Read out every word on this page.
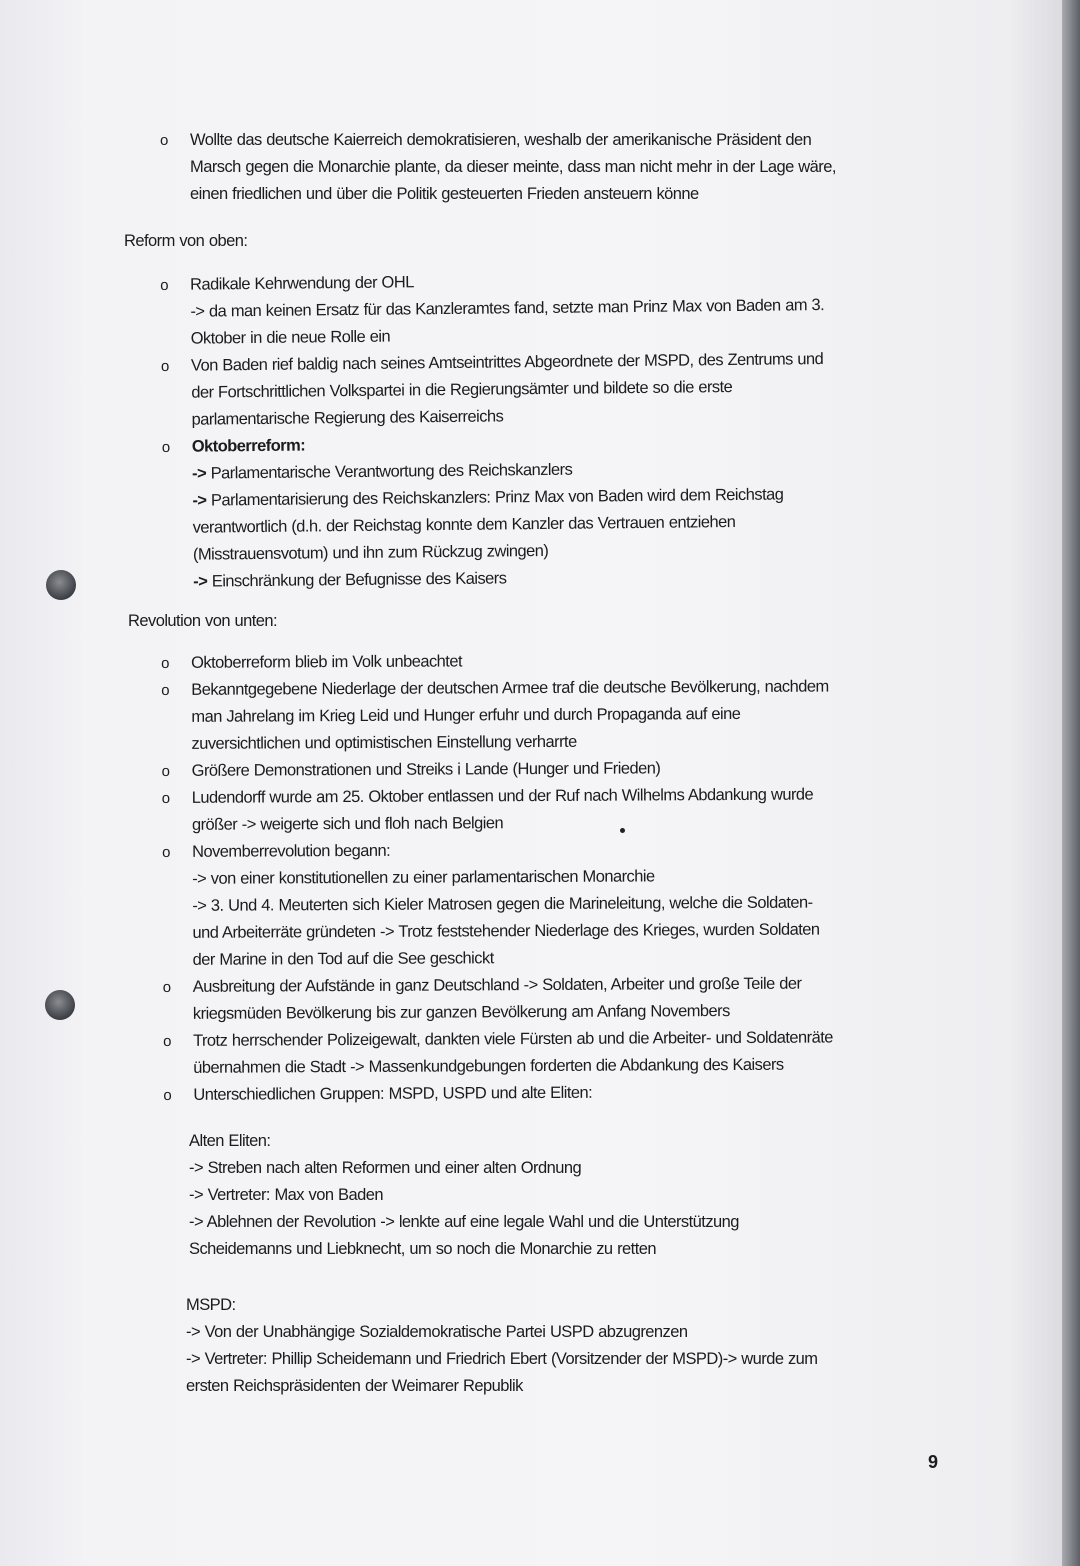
o Wollte das deutsche Kaierreich demokratisieren, weshalb der amerikanische Präsident den
Marsch gegen die Monarchie plante, da dieser meinte, dass man nicht mehr in der Lage wäre,
einen friedlichen und über die Politik gesteuerten Frieden ansteuern könne
Reform von oben:
o Radikale Kehrwendung der OHL
-> da man keinen Ersatz für das Kanzleramtes fand, setzte man Prinz Max von Baden am 3.
Oktober in die neue Rolle ein
o Von Baden rief baldig nach seines Amtseintrittes Abgeordnete der MSPD, des Zentrums und
der Fortschrittlichen Volkspartei in die Regierungsämter und bildete so die erste
parlamentarische Regierung des Kaiserreichs
o Oktoberreform:
-> Parlamentarische Verantwortung des Reichskanzlers
-> Parlamentarisierung des Reichskanzlers: Prinz Max von Baden wird dem Reichstag
verantwortlich (d.h. der Reichstag konnte dem Kanzler das Vertrauen entziehen
(Misstrauensvotum) und ihn zum Rückzug zwingen)
-> Einschränkung der Befugnisse des Kaisers
Revolution von unten:
o Oktoberreform blieb im Volk unbeachtet
o Bekanntgegebene Niederlage der deutschen Armee traf die deutsche Bevölkerung, nachdem
man Jahrelang im Krieg Leid und Hunger erfuhr und durch Propaganda auf eine
zuversichtlichen und optimistischen Einstellung verharrte
o Größere Demonstrationen und Streiks i Lande (Hunger und Frieden)
o Ludendorff wurde am 25. Oktober entlassen und der Ruf nach Wilhelms Abdankung wurde
größer -> weigerte sich und floh nach Belgien
o Novemberrevolution begann:
-> von einer konstitutionellen zu einer parlamentarischen Monarchie
-> 3. Und 4. Meuterten sich Kieler Matrosen gegen die Marineleitung, welche die Soldaten-
und Arbeiterräte gründeten -> Trotz feststehender Niederlage des Krieges, wurden Soldaten
der Marine in den Tod auf die See geschickt
o Ausbreitung der Aufstände in ganz Deutschland -> Soldaten, Arbeiter und große Teile der
kriegsmüden Bevölkerung bis zur ganzen Bevölkerung am Anfang Novembers
o Trotz herrschender Polizeigewalt, dankten viele Fürsten ab und die Arbeiter- und Soldatenräte
übernahmen die Stadt -> Massenkundgebungen forderten die Abdankung des Kaisers
o Unterschiedlichen Gruppen: MSPD, USPD und alte Eliten:
Alten Eliten:
-> Streben nach alten Reformen und einer alten Ordnung
-> Vertreter: Max von Baden
-> Ablehnen der Revolution -> lenkte auf eine legale Wahl und die Unterstützung
Scheidemanns und Liebknecht, um so noch die Monarchie zu retten
MSPD:
-> Von der Unabhängige Sozialdemokratische Partei USPD abzugrenzen
-> Vertreter: Phillip Scheidemann und Friedrich Ebert (Vorsitzender der MSPD)-> wurde zum
ersten Reichspräsidenten der Weimarer Republik
9
